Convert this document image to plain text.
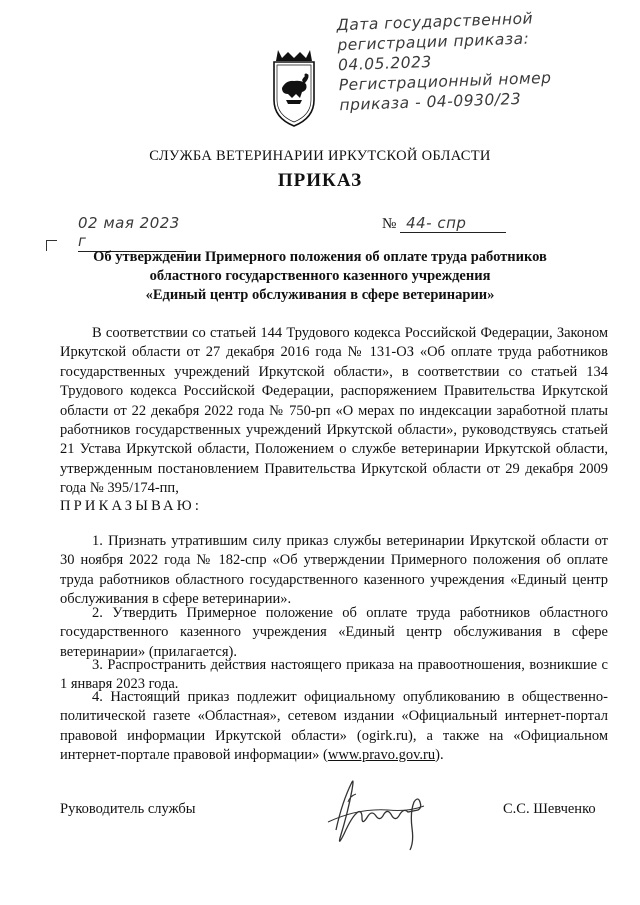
Дата государственной
регистрации приказа:
04.05.2023
Регистрационный номер
приказа - 04-0930/23
СЛУЖБА ВЕТЕРИНАРИИ ИРКУТСКОЙ ОБЛАСТИ
ПРИКАЗ
02 мая 2023 г
№ 44- спр
Об утверждении Примерного положения об оплате труда работников
областного государственного казенного учреждения
«Единый центр обслуживания в сфере ветеринарии»

В соответствии со статьей 144 Трудового кодекса Российской Федерации, Законом Иркутской области от 27 декабря 2016 года № 131-ОЗ «Об оплате труда работников государственных учреждений Иркутской области», в соответствии со статьей 134 Трудового кодекса Российской Федерации, распоряжением Правительства Иркутской области от 22 декабря 2022 года № 750-рп «О мерах по индексации заработной платы работников государственных учреждений Иркутской области», руководствуясь статьей 21 Устава Иркутской области, Положением о службе ветеринарии Иркутской области, утвержденным постановлением Правительства Иркутской области от 29 декабря 2009 года № 395/174-пп,

ПРИКАЗЫВАЮ:

1. Признать утратившим силу приказ службы ветеринарии Иркутской области от 30 ноября 2022 года № 182-спр «Об утверждении Примерного положения об оплате труда работников областного государственного казенного учреждения «Единый центр обслуживания в сфере ветеринарии».

2. Утвердить Примерное положение об оплате труда работников областного государственного казенного учреждения «Единый центр обслуживания в сфере ветеринарии» (прилагается).

3. Распространить действия настоящего приказа на правоотношения, возникшие с 1 января 2023 года.

4. Настоящий приказ подлежит официальному опубликованию в общественно-политической газете «Областная», сетевом издании «Официальный интернет-портал правовой информации Иркутской области» (ogirk.ru), а также на «Официальном интернет-портале правовой информации» (www.pravo.gov.ru).

Руководитель службы	С.С. Шевченко
